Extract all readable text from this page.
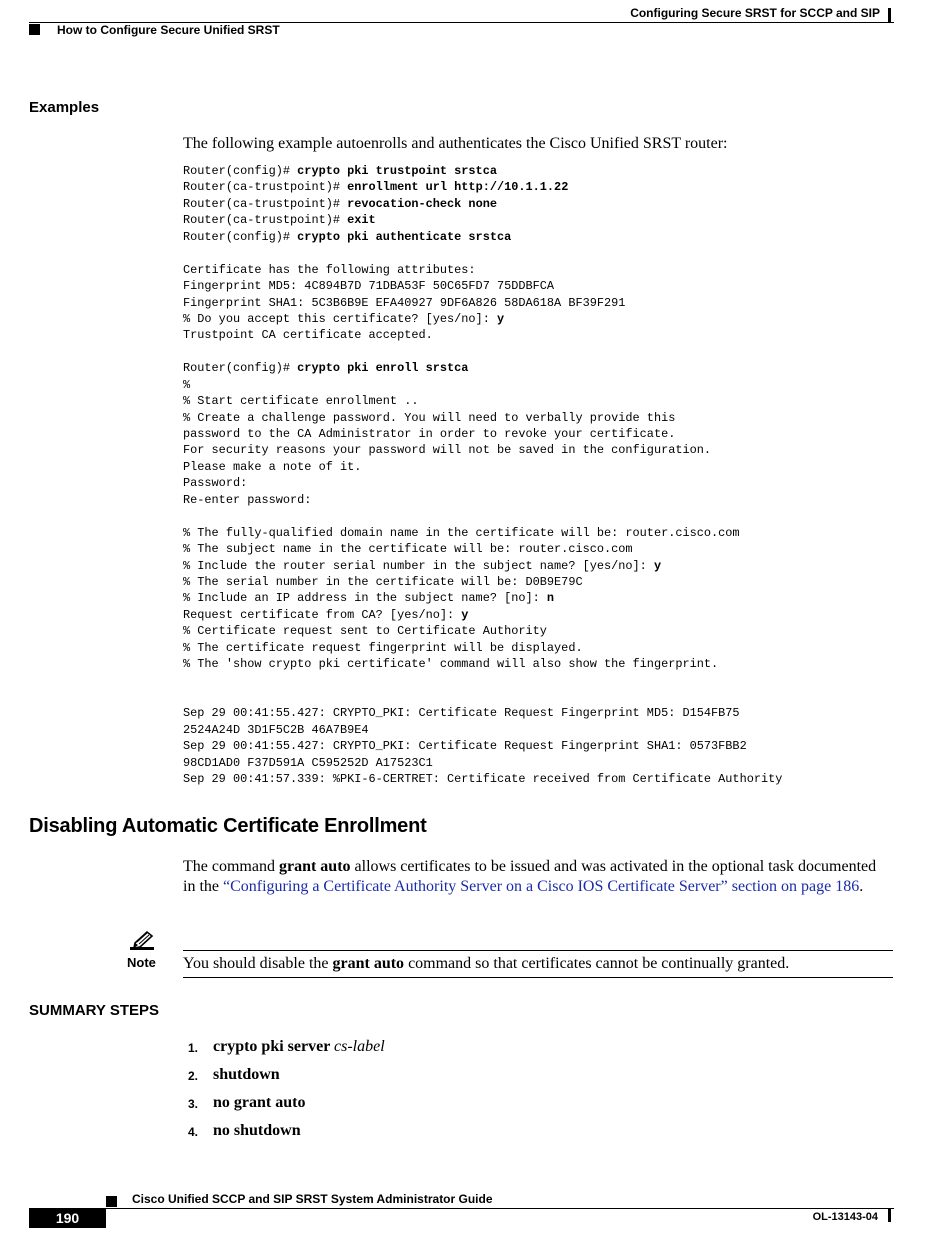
Configuring Secure SRST for SCCP and SIP
How to Configure Secure Unified SRST
Examples
The following example autoenrolls and authenticates the Cisco Unified SRST router:
Router(config)# crypto pki trustpoint srstca
Router(ca-trustpoint)# enrollment url http://10.1.1.22
Router(ca-trustpoint)# revocation-check none
Router(ca-trustpoint)# exit
Router(config)# crypto pki authenticate srstca
Certificate has the following attributes:
Fingerprint MD5: 4C894B7D 71DBA53F 50C65FD7 75DDBFCA
Fingerprint SHA1: 5C3B6B9E EFA40927 9DF6A826 58DA618A BF39F291
% Do you accept this certificate? [yes/no]: y
Trustpoint CA certificate accepted.
Router(config)# crypto pki enroll srstca
%
% Start certificate enrollment ..
% Create a challenge password. You will need to verbally provide this
password to the CA Administrator in order to revoke your certificate.
For security reasons your password will not be saved in the configuration.
Please make a note of it.
Password:
Re-enter password:
% The fully-qualified domain name in the certificate will be: router.cisco.com
% The subject name in the certificate will be: router.cisco.com
% Include the router serial number in the subject name? [yes/no]: y
% The serial number in the certificate will be: D0B9E79C
% Include an IP address in the subject name? [no]: n
Request certificate from CA? [yes/no]: y
% Certificate request sent to Certificate Authority
% The certificate request fingerprint will be displayed.
% The 'show crypto pki certificate' command will also show the fingerprint.
Sep 29 00:41:55.427: CRYPTO_PKI: Certificate Request Fingerprint MD5: D154FB75
2524A24D 3D1F5C2B 46A7B9E4
Sep 29 00:41:55.427: CRYPTO_PKI: Certificate Request Fingerprint SHA1: 0573FBB2
98CD1AD0 F37D591A C595252D A17523C1
Sep 29 00:41:57.339: %PKI-6-CERTRET: Certificate received from Certificate Authority
Disabling Automatic Certificate Enrollment
The command grant auto allows certificates to be issued and was activated in the optional task documented in the “Configuring a Certificate Authority Server on a Cisco IOS Certificate Server” section on page 186.
Note You should disable the grant auto command so that certificates cannot be continually granted.
SUMMARY STEPS
1. crypto pki server cs-label
2. shutdown
3. no grant auto
4. no shutdown
Cisco Unified SCCP and SIP SRST System Administrator Guide
190	OL-13143-04
